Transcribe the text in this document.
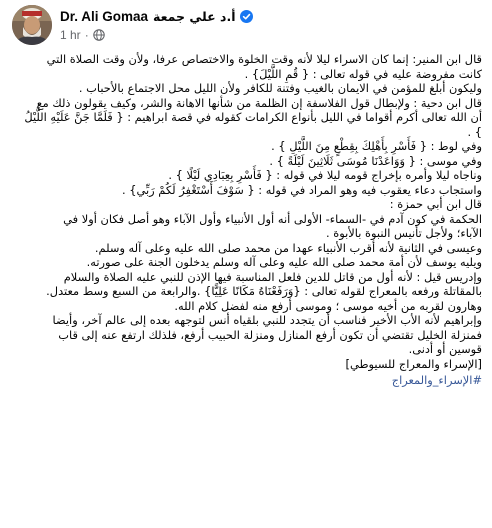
Dr. Ali Gomaa أ.د علي جمعة
1 hr ·

قال ابن المنير: إنما كان الاسراء ليلا لأنه وقت الخلوة والاختصاص عرفا، ولأن وقت الصلاة التي

كانت مفروضة عليه في قوله تعالى : { قُمِ اللَّيْلَ} .

وليكون أبلغ للمؤمن في الايمان بالغيب وفتنة للكافر ولأن الليل محل الاجتماع بالأحباب .

قال ابن دحية : ولإبطال قول الفلاسفة إن الظلمة من شأنها الاهانة والشر، وكيف يقولون ذلك مع

أن الله تعالى أكرم أقواما في الليل بأنواع الكرامات كقوله في قصة ابراهيم : { فَلَمَّا جَنَّ عَلَيْهِ اللَّيْلُ

} .

وفي لوط : { فَأَسْرِ بِأَهْلِكَ بِقِطْعٍ مِنَ اللَّيْلِ } .

وفي موسى : { وَوَاعَدْنَا مُوسَى ثَلَاثِينَ لَيْلَةً } .

وناجاه ليلا وأمره بإخراج قومه ليلا في قوله : { فَأَسْرِ بِعِبَادِي لَيْلًا } .

واستجاب دعاء يعقوب فيه وهو المراد في قوله : { سَوْفَ أَسْتَغْفِرُ لَكُمْ رَبِّي} .

قال ابن أبي حمزة :

الحكمة في كون آدم في -السماء- الأولى أنه أول الأنبياء وأول الآباء وهو أصل فكان أولا في

الآباء؛ ولأجل تأنيس النبوة بالأبوة .

وعيسى في الثانية لأنه أقرب الأنبياء عهدا من محمد صلى الله عليه وعلى آله وسلم.

ويليه يوسف لأن أمة محمد صلى الله عليه وعلى آله وسلم يدخلون الجنة على صورته.

وإدريس قيل : لأنه أول من قاتل للدين فلعل المناسبة فيها الإذن للنبي عليه الصلاة والسلام

بالمقاتلة ورفعه بالمعراج لقوله تعالى : {وَرَفَعْنَاهُ مَكَانًا عَلِيًّا} .والرابعة من السبع وسط معتدل.

وهارون لقربه من أخيه موسى ؛ وموسى أرفع منه لفضل كلام الله.

وإبراهيم لأنه الأب الأخير فناسب أن يتجدد للنبي بلقياه أنس لتوجهه بعده إلى عالم آخر، وأيضا

فمنزلة الخليل تقتضي أن تكون أرفع المنازل ومنزلة الحبيب أرفع، فلذلك ارتفع عنه إلى قاب

قوسين أو أدنى.

[الإسراء والمعراج للسيوطي]

#الإسراء_والمعراج
